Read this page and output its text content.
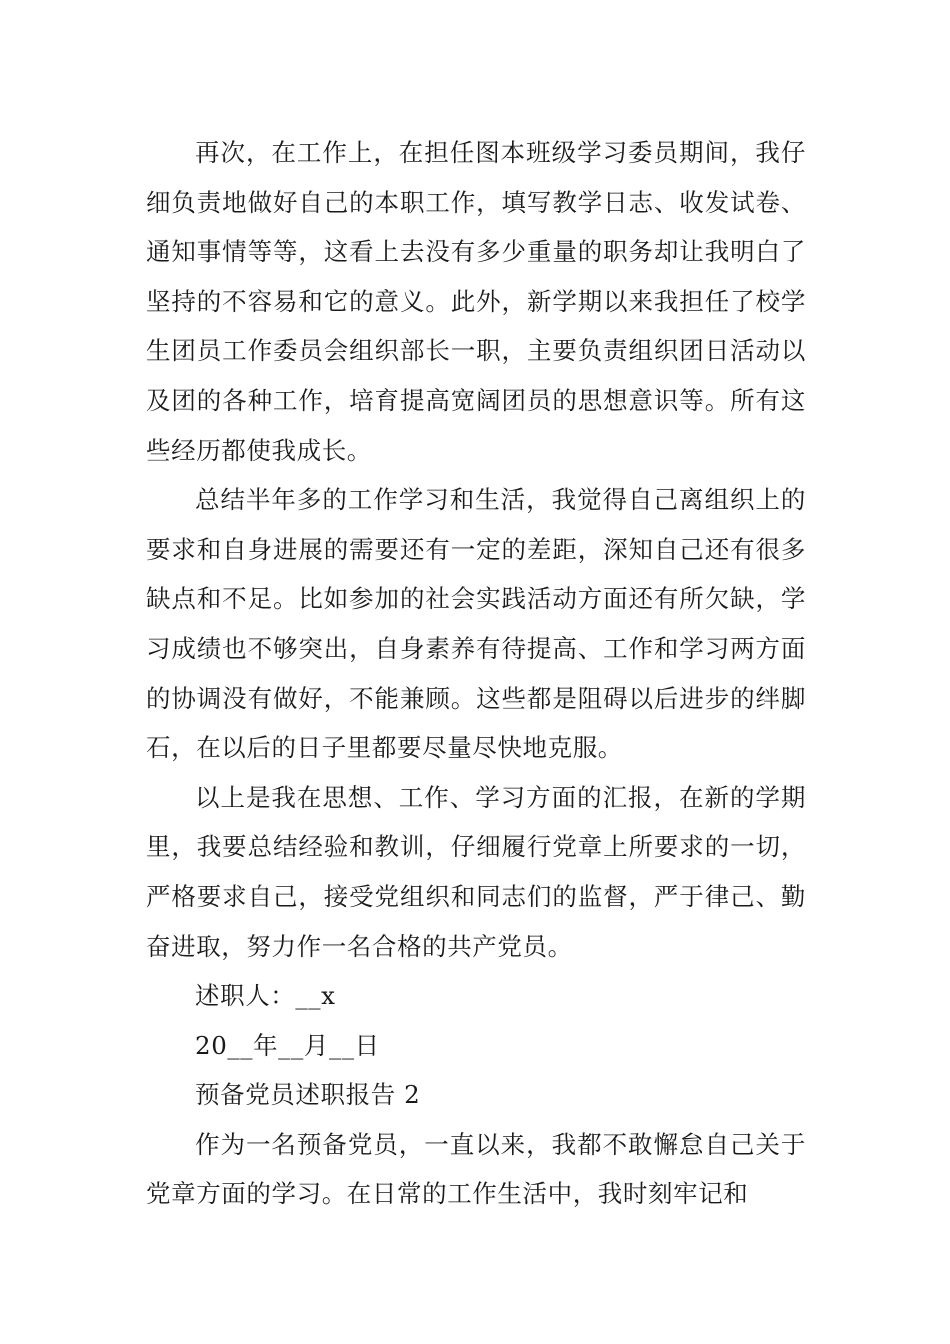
再次，在工作上，在担任图本班级学习委员期间，我仔细负责地做好自己的本职工作，填写教学日志、收发试卷、通知事情等等，这看上去没有多少重量的职务却让我明白了坚持的不容易和它的意义。此外，新学期以来我担任了校学生团员工作委员会组织部长一职，主要负责组织团日活动以及团的各种工作，培育提高宽阔团员的思想意识等。所有这些经历都使我成长。

总结半年多的工作学习和生活，我觉得自己离组织上的要求和自身进展的需要还有一定的差距，深知自己还有很多缺点和不足。比如参加的社会实践活动方面还有所欠缺，学习成绩也不够突出，自身素养有待提高、工作和学习两方面的协调没有做好，不能兼顾。这些都是阻碍以后进步的绊脚石，在以后的日子里都要尽量尽快地克服。

以上是我在思想、工作、学习方面的汇报，在新的学期里，我要总结经验和教训，仔细履行党章上所要求的一切，严格要求自己，接受党组织和同志们的监督，严于律己、勤奋进取，努力作一名合格的共产党员。

述职人：__x

20__年__月__日

预备党员述职报告 2

作为一名预备党员，一直以来，我都不敢懈怠自己关于党章方面的学习。在日常的工作生活中，我时刻牢记和
